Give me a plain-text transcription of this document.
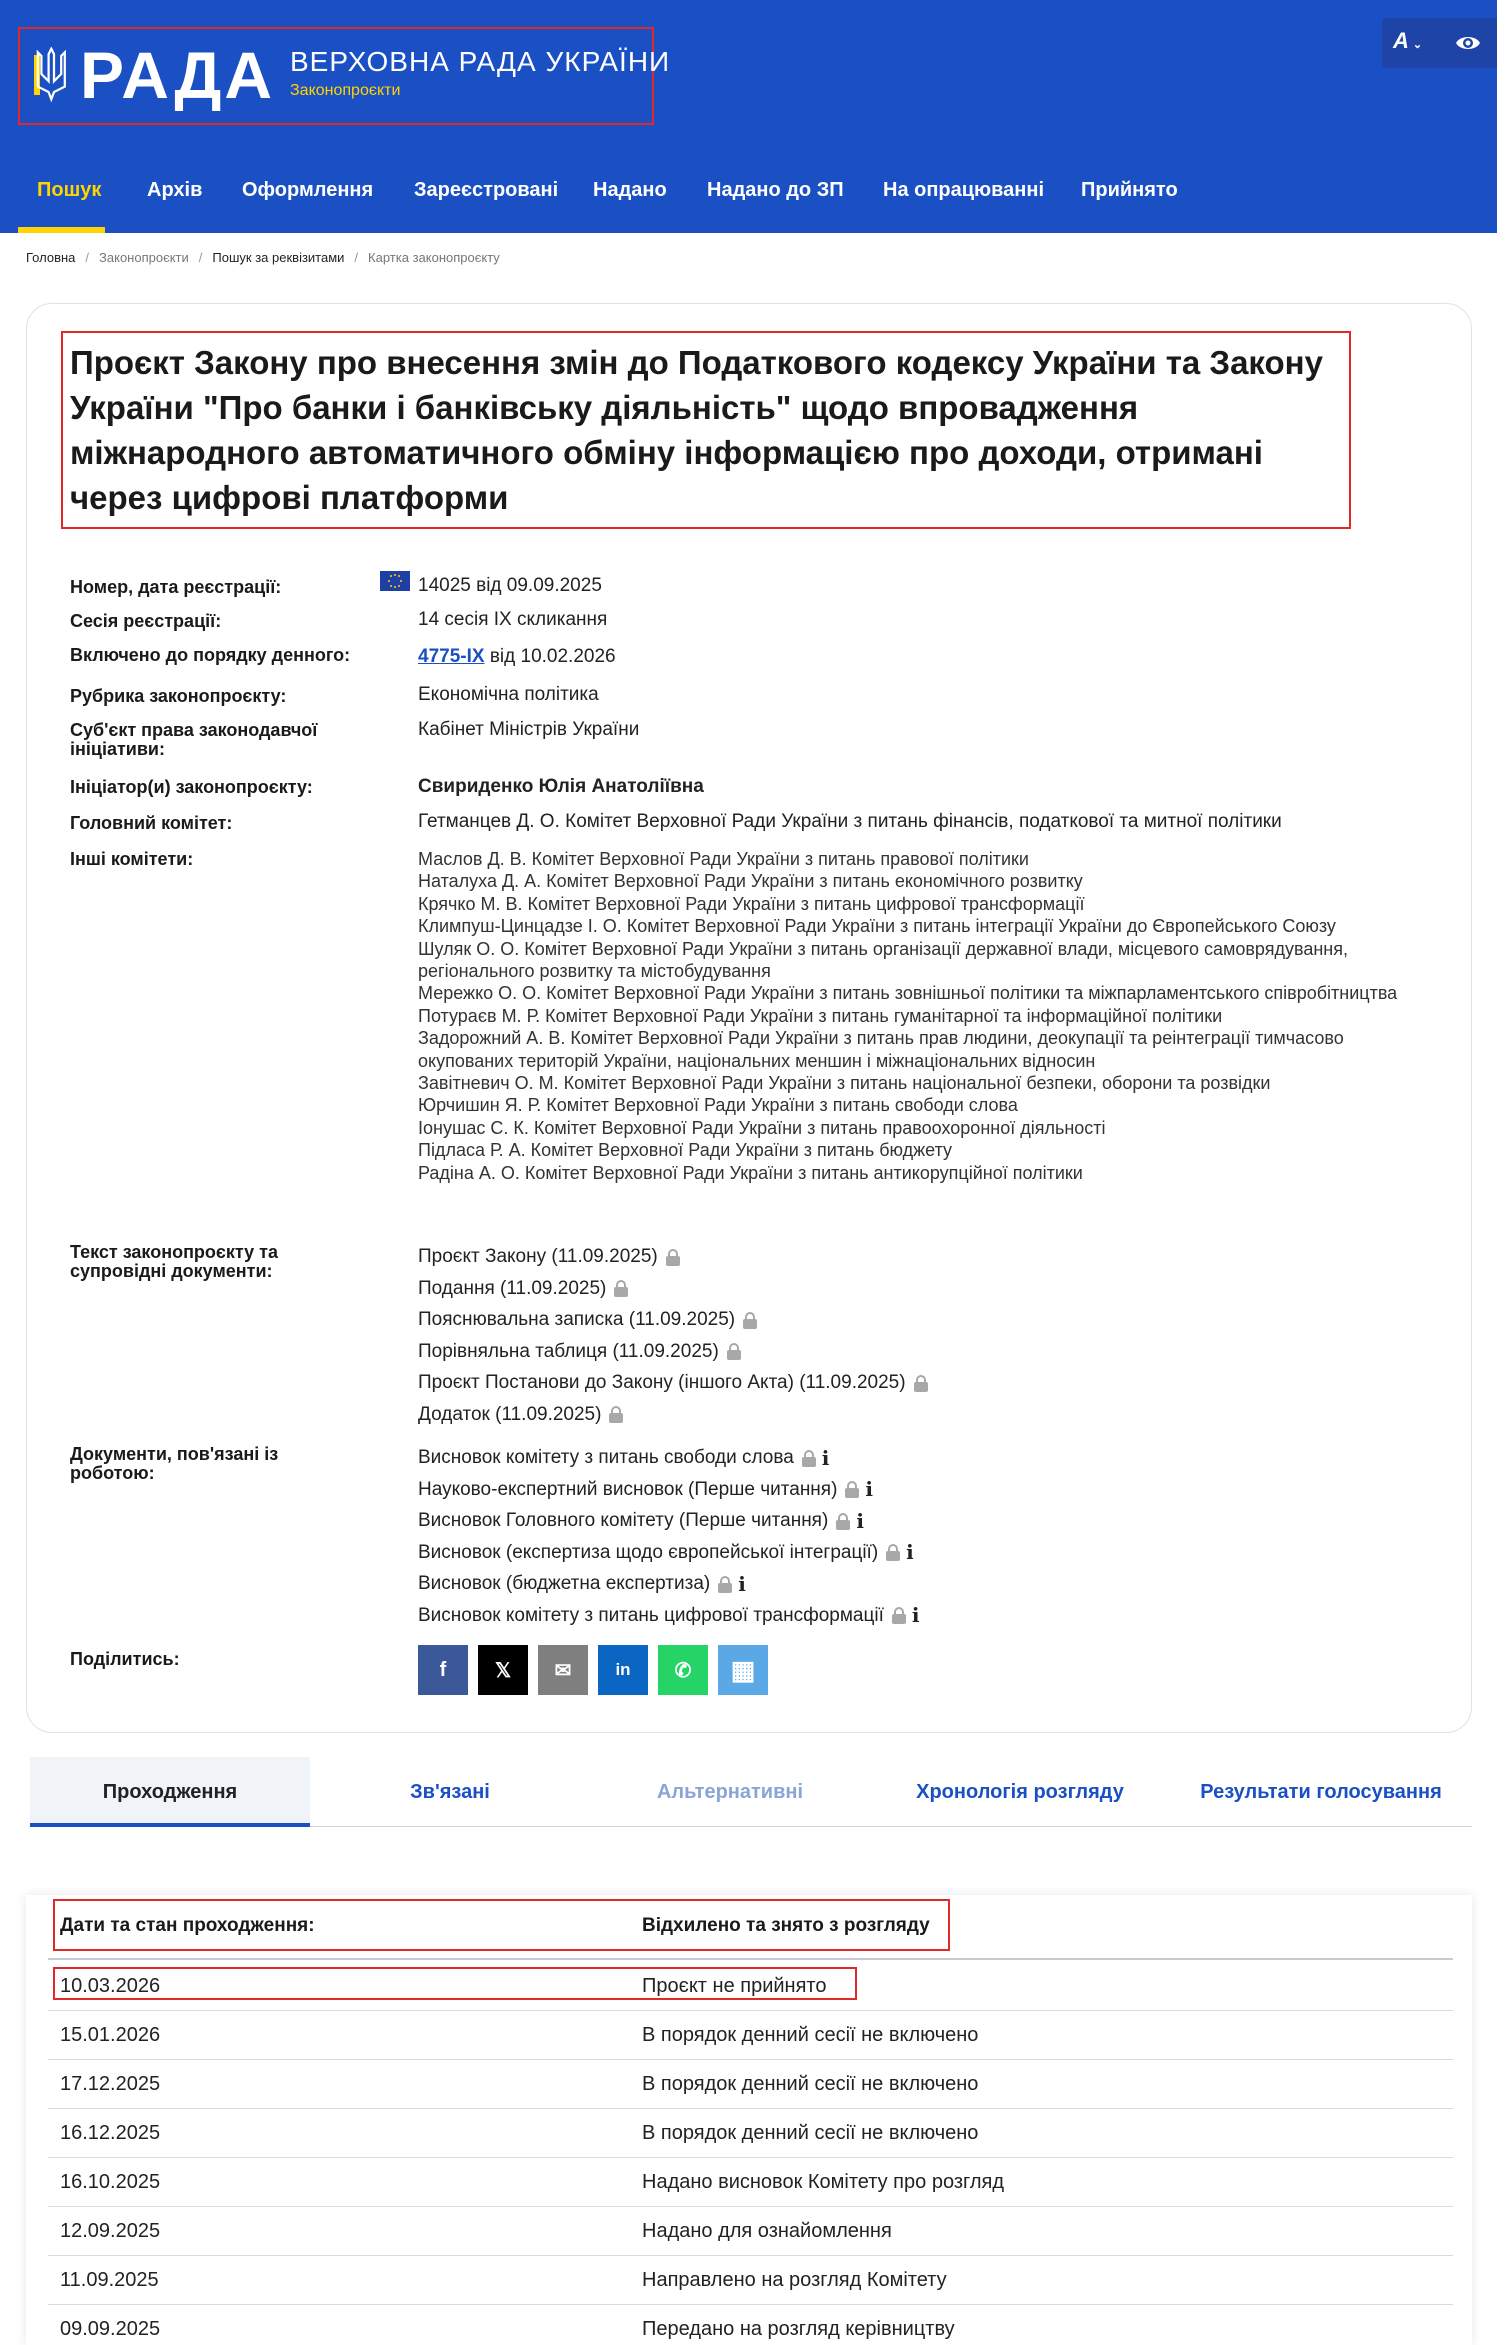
РАДА ВЕРХОВНА РАДА УКРАЇНИ
Законопроєкти
A ⌄
Пошук Архів Оформлення Зареєстровані Надано Надано до ЗП На опрацюванні Прийнято
Головна / Законопроєкти / Пошук за реквізитами / Картка законопроєкту
Проєкт Закону про внесення змін до Податкового кодексу України та Закону України "Про банки і банківську діяльність" щодо впровадження міжнародного автоматичного обміну інформацією про доходи, отримані через цифрові платформи
Номер, дата реєстрації:	14025 від 09.09.2025
Сесія реєстрації:	14 сесія IX скликання
Включено до порядку денного:	4775-IX від 10.02.2026
Рубрика законопроєкту:	Економічна політика
Суб'єкт права законодавчої ініціативи:
Кабінет Міністрів України
Ініціатор(и) законопроєкту:	Свириденко Юлія Анатоліївна
Головний комітет:	Гетманцев Д. О. Комітет Верховної Ради України з питань фінансів, податкової та митної політики
Інші комітети:	Маслов Д. В. Комітет Верховної Ради України з питань правової політики
Наталуха Д. А. Комітет Верховної Ради України з питань економічного розвитку
Крячко М. В. Комітет Верховної Ради України з питань цифрової трансформації
Климпуш-Цинцадзе І. О. Комітет Верховної Ради України з питань інтеграції України до Європейського Союзу
Шуляк О. О. Комітет Верховної Ради України з питань організації державної влади, місцевого самоврядування, регіонального розвитку та містобудування
Мережко О. О. Комітет Верховної Ради України з питань зовнішньої політики та міжпарламентського співробітництва
Потураєв М. Р. Комітет Верховної Ради України з питань гуманітарної та інформаційної політики
Задорожний А. В. Комітет Верховної Ради України з питань прав людини, деокупації та реінтеграції тимчасово окупованих територій України, національних меншин і міжнаціональних відносин
Завітневич О. М. Комітет Верховної Ради України з питань національної безпеки, оборони та розвідки
Юрчишин Я. Р. Комітет Верховної Ради України з питань свободи слова
Іонушас С. К. Комітет Верховної Ради України з питань правоохоронної діяльності
Підласа Р. А. Комітет Верховної Ради України з питань бюджету
Радіна А. О. Комітет Верховної Ради України з питань антикорупційної політики
Текст законопроєкту та супровідні документи:
Проєкт Закону (11.09.2025)
Подання (11.09.2025)
Пояснювальна записка (11.09.2025)
Порівняльна таблиця (11.09.2025)
Проєкт Постанови до Закону (іншого Акта) (11.09.2025)
Додаток (11.09.2025)
Документи, пов'язані із роботою:
Висновок комітету з питань свободи слова i
Науково-експертний висновок (Перше читання) i
Висновок Головного комітету (Перше читання) i
Висновок (експертиза щодо європейської інтеграції) i
Висновок (бюджетна експертиза) i
Висновок комітету з питань цифрової трансформації i
Поділитись:	f	𝕏	✉	in	✆	▦
Проходження	Зв'язані	Альтернативні	Хронологія розгляду	Результати голосування
Дати та стан проходження:	Відхилено та знято з розгляду
10.03.2026	Проєкт не прийнято
15.01.2026	В порядок денний сесії не включено
17.12.2025	В порядок денний сесії не включено
16.12.2025	В порядок денний сесії не включено
16.10.2025	Надано висновок Комітету про розгляд
12.09.2025	Надано для ознайомлення
11.09.2025	Направлено на розгляд Комітету
09.09.2025	Передано на розгляд керівництву
